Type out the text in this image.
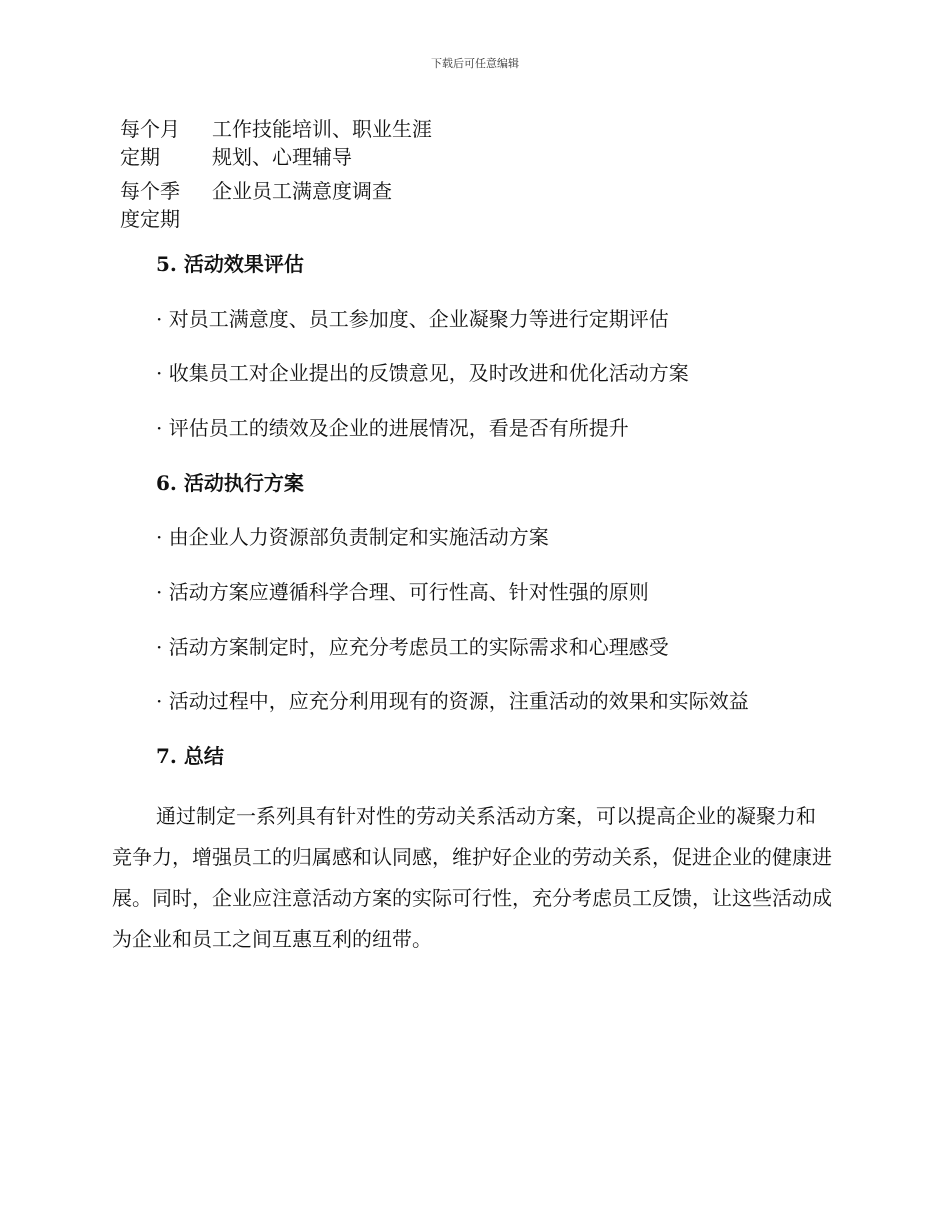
下载后可任意编辑
每个月定期	工作技能培训、职业生涯规划、心理辅导
每个季度定期	企业员工满意度调查
5. 活动效果评估

· 对员工满意度、员工参加度、企业凝聚力等进行定期评估

· 收集员工对企业提出的反馈意见，及时改进和优化活动方案

· 评估员工的绩效及企业的进展情况，看是否有所提升

6. 活动执行方案

· 由企业人力资源部负责制定和实施活动方案

· 活动方案应遵循科学合理、可行性高、针对性强的原则

· 活动方案制定时，应充分考虑员工的实际需求和心理感受

· 活动过程中，应充分利用现有的资源，注重活动的效果和实际效益

7. 总结

通过制定一系列具有针对性的劳动关系活动方案，可以提高企业的凝聚力和竞争力，增强员工的归属感和认同感，维护好企业的劳动关系，促进企业的健康进展。同时，企业应注意活动方案的实际可行性，充分考虑员工反馈，让这些活动成为企业和员工之间互惠互利的纽带。
